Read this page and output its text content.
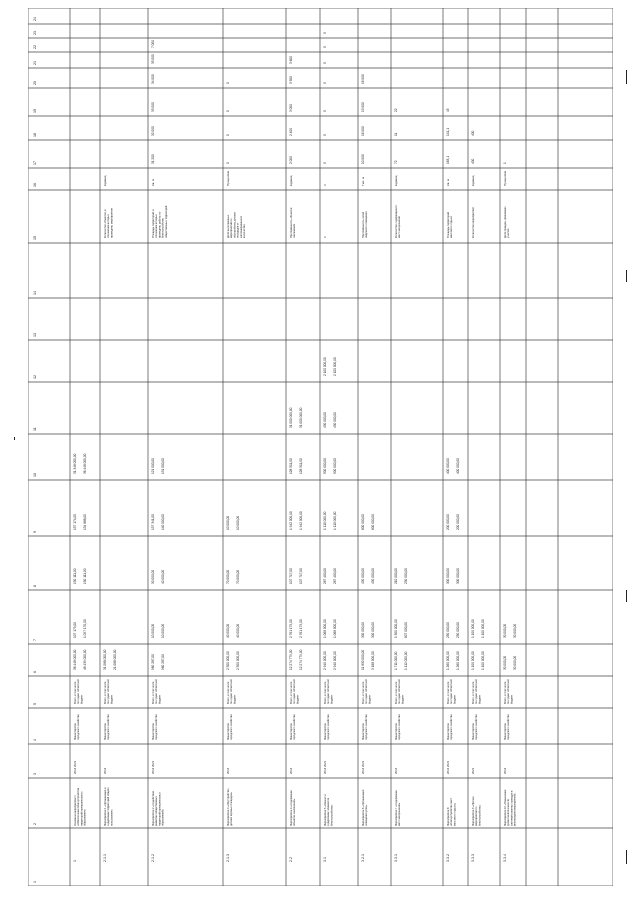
1
2
3
4
5
6
7
8
9
10
11
12
13
14
15
16
17
18
19
20
21
22
23
24
1
Основное мероприятие 1 «Обеспечение благоустройства территорий муниципального образования»
2014 2021
Министерство городского хозяйства
Всего, в том числе по годам: областной бюджет
36 448 000,00 48 439 000,00
107 179,00 1 097 170,00
130 111,00 130 111,00
137 174,00 134 888,00
31 348 000,00 36 448 000,00
2.1.1
Мероприятие 1 «Организация и содержание территорий общего пользования»
2014
Министерство городского хозяйства
Всего, в том числе по годам: областной бюджет
31 088 000,00 21 088 000,00
Количество объектов, в отношении которых проведены мероприятия
Единиц
2.1.2
Мероприятие 2 «Содействие развитию общественных территорий муниципальных образований»
2014 2021
Министерство городского хозяйства
Всего, в том числе по годам: областной бюджет
960 287,00 960 287,00
10 000,00 10 000,00
30 000,00 40 000,00
137 341,00 140 000,00
121 000,00 131 000,00
Площадь территорий, в отношении которых проведены работы по благоустройству общественных территорий
Кв. м
31 200
32 000
33 000
34 000
35 000
7 000
2.1.3
Мероприятие 3 «Обустройство детских игровых площадок»
2014
Министерство городского хозяйства
Всего, в том числе по годам: областной бюджет
2 500 000,00 2 500 000,00
40 000,00 40 000,00
70 000,00 70 000,00
10 000,00 10 000,00
Доля выполненных мероприятий по обустройству детских площадок от запланированного количества
Процентов
0
0
0
0
2.2
Мероприятие 4 «Содержание объектов озеленения»
2014
Министерство городского хозяйства
Всего, в том числе по годам: областной бюджет
12 274 779,00 12 274 779,00
2 761 179,00 2 761 179,00
107 717,00 107 717,00
1 942 000,00 1 942 000,00
128 511,00 128 511,00
31 000 000,00 31 000 000,00
Протяжённость объектов озеленения
Единиц
2 000
2 400
3 000
3 500
3 600
3.1
Мероприятие 5 «Ремонт и содержание элементов благоустройства»
2014 2021
Министерство городского хозяйства
Всего, в том числе по годам: областной бюджет
2 940 000,00 2 940 000,00
1 068 000,00 1 068 000,00
267 400,00 267 400,00
1 110 000,00 1 110 000,00
500 000,00 500 000,00
430 000,00 430 000,00
2 100 000,00 2 100 000,00
Х
Х
Х
Х
Х
Х
Х
Х
Х
3.2.1
Мероприятие 6 «Организация освещения улиц»
2014 2021
Министерство городского хозяйства
Всего, в том числе по годам: областной бюджет
11 830 000,00 3 188 000,00
300 000,00 300 000,00
430 000,00 430 000,00
600 000,00 600 000,00
Протяжённость сетей наружного освещения
Тыс. м
10 000
16 000
13 000
16 000
3.3.1
Мероприятие 7 «Содержание мест захоронения»
2014
Министерство городского хозяйства
Всего, в том числе по годам: областной бюджет
1 711 000,00 1 112 000,00
1 500 000,00 607 000,00
210 000,00 230 000,00
Количество содержащихся мест захоронения
Единиц
72
11
22
3.3.2
Мероприятие 8 «Благоустройство мест массового отдыха»
2014 2021
Министерство городского хозяйства
Всего, в том числе по годам: областной бюджет
1 260 000,00 1 260 000,00
250 000,00 250 000,00
300 000,00 300 000,00
200 000,00 200 000,00
400 000,00 400 000,00
Площадь территорий массового отдыха
Кв. м
163,1
141,1
45
3.3.3
Мероприятие 9 «Прочие мероприятия по благоустройству»
2021
Министерство городского хозяйства
Всего, в том числе по годам: областной бюджет
1 100 000,00 1 100 000,00
1 100 000,00 1 100 000,00
Количество мероприятий
Единиц
400
400
3.3.4
Мероприятие 10 «Повышение уровня вовлеченности заинтересованных граждан в реализацию мероприятий»
2014
Министерство городского хозяйства
Всего, в том числе по годам: областной бюджет
30 000,00 30 000,00
30 000,00 30 000,00
Доля граждан, принявших участие
Процентов
1
